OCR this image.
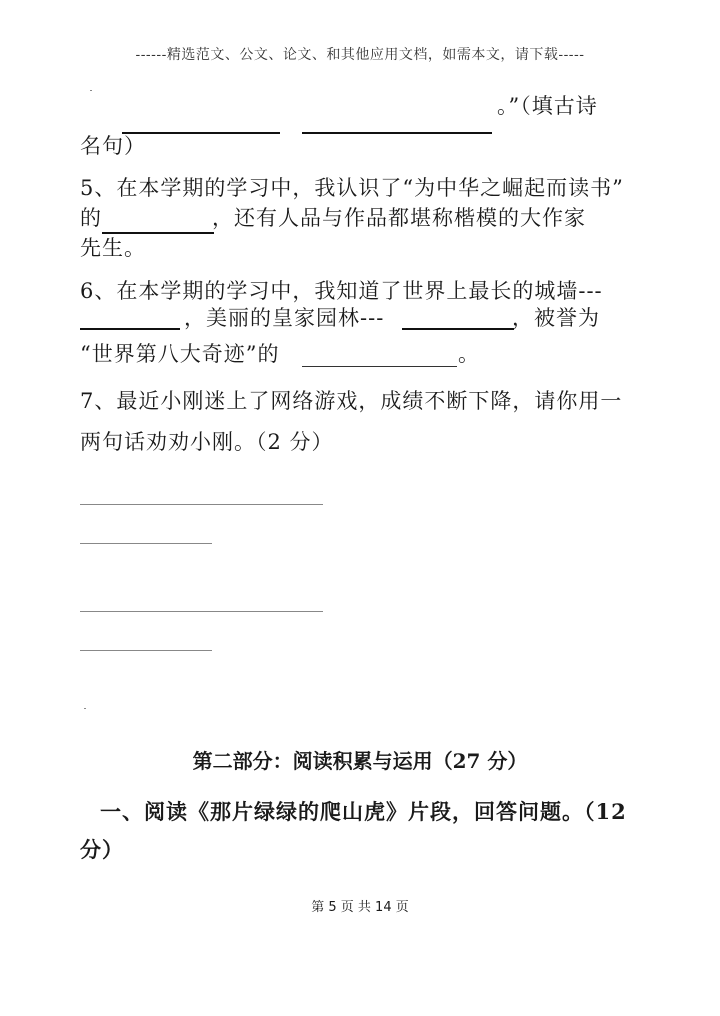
------精选范文、公文、论文、和其他应用文档，如需本文，请下载-----
。”（填古诗
名句）
5、在本学期的学习中，我认识了“为中华之崛起而读书”
的	，还有人品与作品都堪称楷模的大作家
先生。
6、在本学期的学习中，我知道了世界上最长的城墙---
，美丽的皇家园林---	，被誉为
“世界第八大奇迹”的	。
7、最近小刚迷上了网络游戏，成绩不断下降，请你用一
两句话劝劝小刚。（2 分）
第二部分：阅读积累与运用（27 分）
一、阅读《那片绿绿的爬山虎》片段，回答问题。（12
分）
第 5 页 共 14 页
